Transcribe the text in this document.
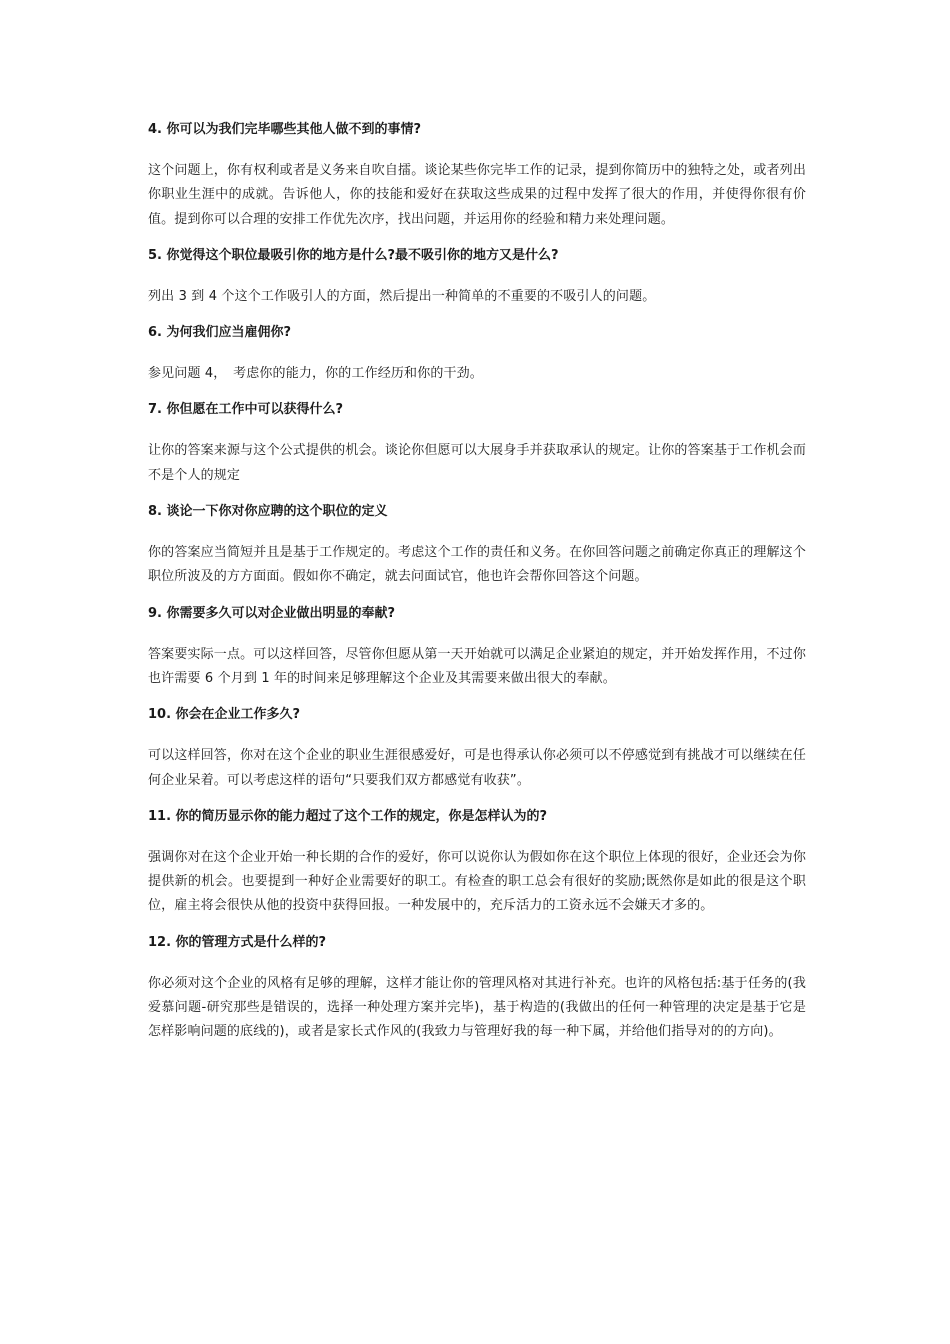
4. 你可以为我们完毕哪些其他人做不到的事情?

这个问题上，你有权利或者是义务来自吹自擂。谈论某些你完毕工作的记录，提到你简历中的独特之处，或者列出你职业生涯中的成就。告诉他人，你的技能和爱好在获取这些成果的过程中发挥了很大的作用，并使得你很有价值。提到你可以合理的安排工作优先次序，找出问题，并运用你的经验和精力来处理问题。

5. 你觉得这个职位最吸引你的地方是什么?最不吸引你的地方又是什么?

列出 3 到 4 个这个工作吸引人的方面，然后提出一种简单的不重要的不吸引人的问题。

6. 为何我们应当雇佣你?

参见问题 4，　考虑你的能力，你的工作经历和你的干劲。

7. 你但愿在工作中可以获得什么?

让你的答案来源与这个公式提供的机会。谈论你但愿可以大展身手并获取承认的规定。让你的答案基于工作机会而不是个人的规定

8. 谈论一下你对你应聘的这个职位的定义

你的答案应当简短并且是基于工作规定的。考虑这个工作的责任和义务。在你回答问题之前确定你真正的理解这个职位所波及的方方面面。假如你不确定，就去问面试官，他也许会帮你回答这个问题。

9. 你需要多久可以对企业做出明显的奉献?

答案要实际一点。可以这样回答，尽管你但愿从第一天开始就可以满足企业紧迫的规定，并开始发挥作用，不过你也许需要 6 个月到 1 年的时间来足够理解这个企业及其需要来做出很大的奉献。

10. 你会在企业工作多久?

可以这样回答，你对在这个企业的职业生涯很感爱好，可是也得承认你必须可以不停感觉到有挑战才可以继续在任何企业呆着。可以考虑这样的语句“只要我们双方都感觉有收获”。

11. 你的简历显示你的能力超过了这个工作的规定，你是怎样认为的?

强调你对在这个企业开始一种长期的合作的爱好，你可以说你认为假如你在这个职位上体现的很好，企业还会为你提供新的机会。也要提到一种好企业需要好的职工。有检查的职工总会有很好的奖励;既然你是如此的很是这个职位，雇主将会很快从他的投资中获得回报。一种发展中的，充斥活力的工资永远不会嫌天才多的。

12. 你的管理方式是什么样的?

你必须对这个企业的风格有足够的理解，这样才能让你的管理风格对其进行补充。也许的风格包括:基于任务的(我爱慕问题-研究那些是错误的，选择一种处理方案并完毕)，基于构造的(我做出的任何一种管理的决定是基于它是怎样影响问题的底线的)，或者是家长式作风的(我致力与管理好我的每一种下属，并给他们指导对的的方向)。
